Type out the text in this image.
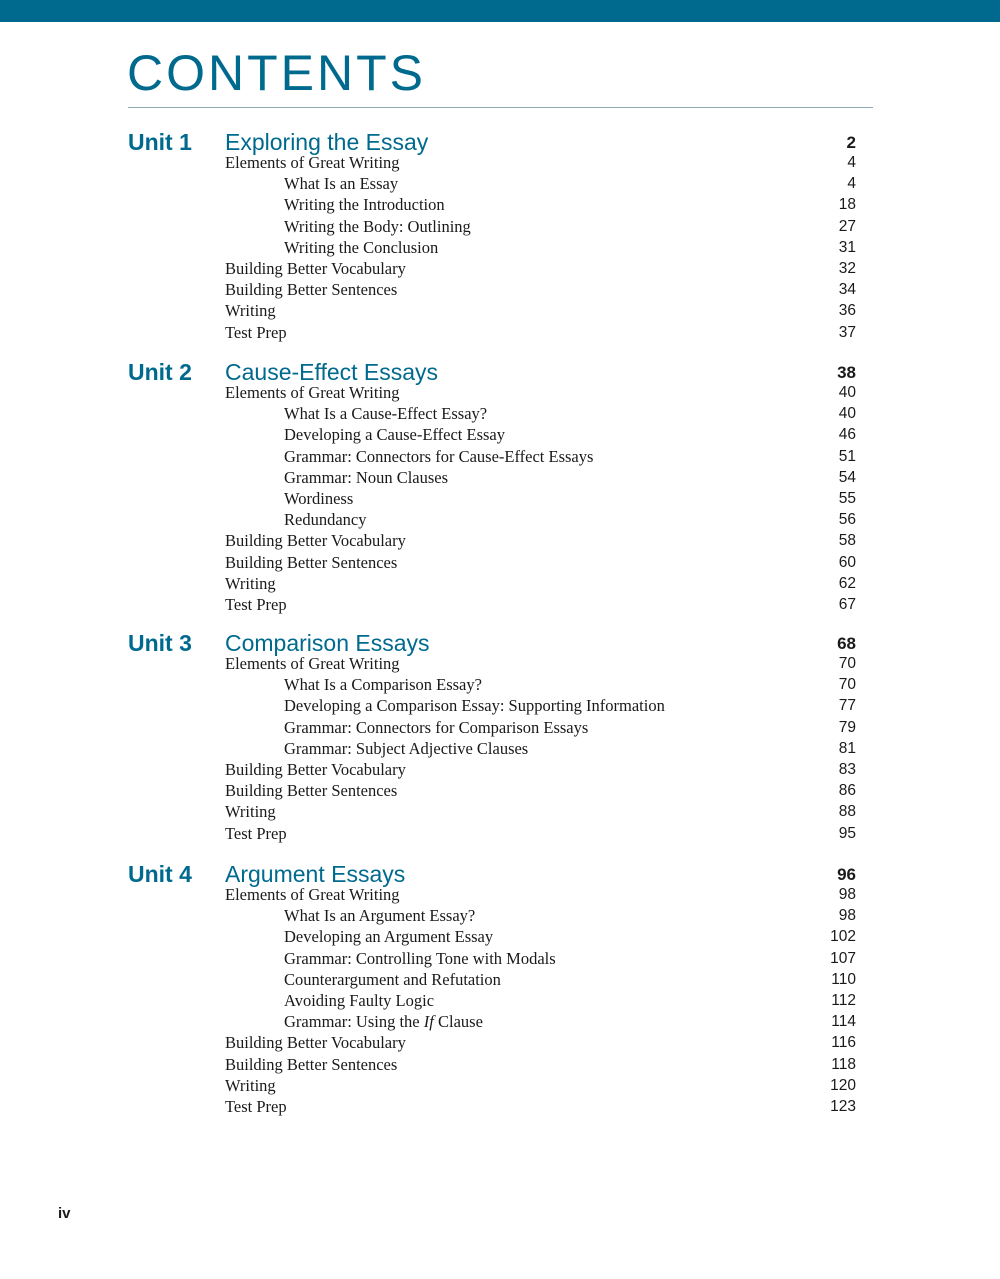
CONTENTS
Unit 1 Exploring the Essay	2
Elements of Great Writing	4
What Is an Essay	4
Writing the Introduction	18
Writing the Body: Outlining	27
Writing the Conclusion	31
Building Better Vocabulary	32
Building Better Sentences	34
Writing	36
Test Prep	37
Unit 2 Cause-Effect Essays	38
Elements of Great Writing	40
What Is a Cause-Effect Essay?	40
Developing a Cause-Effect Essay	46
Grammar: Connectors for Cause-Effect Essays	51
Grammar: Noun Clauses	54
Wordiness	55
Redundancy	56
Building Better Vocabulary	58
Building Better Sentences	60
Writing	62
Test Prep	67
Unit 3 Comparison Essays	68
Elements of Great Writing	70
What Is a Comparison Essay?	70
Developing a Comparison Essay: Supporting Information	77
Grammar: Connectors for Comparison Essays	79
Grammar: Subject Adjective Clauses	81
Building Better Vocabulary	83
Building Better Sentences	86
Writing	88
Test Prep	95
Unit 4 Argument Essays	96
Elements of Great Writing	98
What Is an Argument Essay?	98
Developing an Argument Essay	102
Grammar: Controlling Tone with Modals	107
Counterargument and Refutation	110
Avoiding Faulty Logic	112
Grammar: Using the If Clause	114
Building Better Vocabulary	116
Building Better Sentences	118
Writing	120
Test Prep	123
iv
